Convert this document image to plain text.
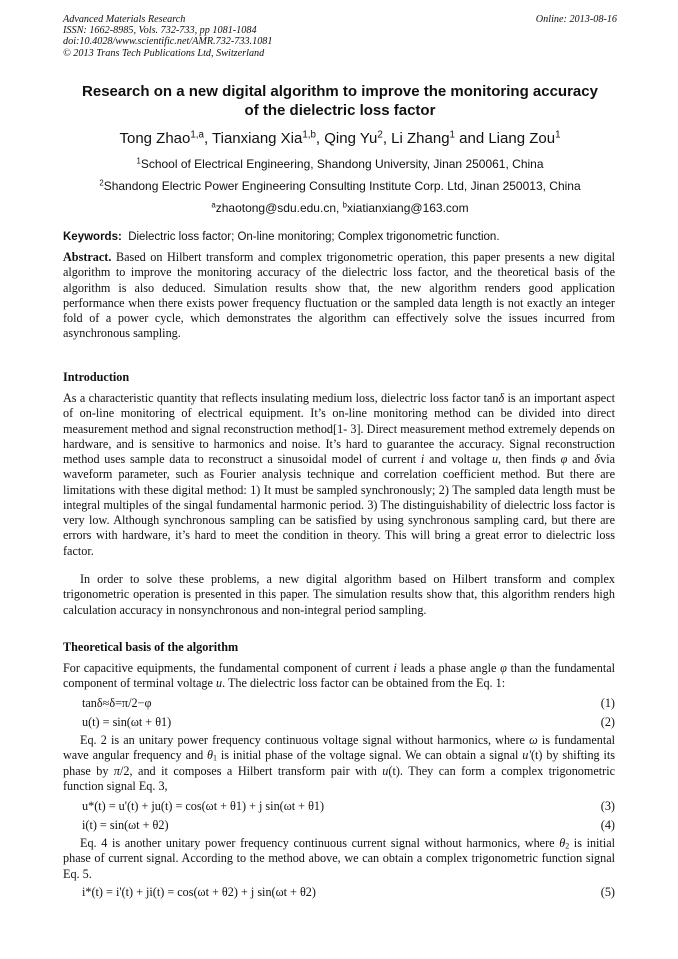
Advanced Materials Research
ISSN: 1662-8985, Vols. 732-733, pp 1081-1084
doi:10.4028/www.scientific.net/AMR.732-733.1081
© 2013 Trans Tech Publications Ltd, Switzerland
Online: 2013-08-16
Research on a new digital algorithm to improve the monitoring accuracy
of the dielectric loss factor
Tong Zhao$^{1,a}$, Tianxiang Xia$^{1,b}$, Qing Yu$^2$, Li Zhang$^1$ and Liang Zou$^1$
$^1$School of Electrical Engineering, Shandong University, Jinan 250061, China
$^2$Shandong Electric Power Engineering Consulting Institute Corp. Ltd, Jinan 250013, China
$^a$zhaotong@sdu.edu.cn, $^b$xiatianxiang@163.com
Keywords: Dielectric loss factor; On-line monitoring; Complex trigonometric function.
Abstract. Based on Hilbert transform and complex trigonometric operation, this paper presents a new digital algorithm to improve the monitoring accuracy of the dielectric loss factor, and the theoretical basis of the algorithm is also deduced. Simulation results show that, the new algorithm renders good application performance when there exists power frequency fluctuation or the sampled data length is not exactly an integer fold of a power cycle, which demonstrates the algorithm can effectively solve the issues incurred from asynchronous sampling.
Introduction
As a characteristic quantity that reflects insulating medium loss, dielectric loss factor tanδ is an important aspect of on-line monitoring of electrical equipment. It’s on-line monitoring method can be divided into direct measurement method and signal reconstruction method[1- 3]. Direct measurement method extremely depends on hardware, and is sensitive to harmonics and noise. It’s hard to guarantee the accuracy. Signal reconstruction method uses sample data to reconstruct a sinusoidal model of current i and voltage u, then finds φ and δvia waveform parameter, such as Fourier analysis technique and correlation coefficient method. But there are limitations with these digital method: 1) It must be sampled synchronously; 2) The sampled data length must be integral multiples of the singal fundamental harmonic period. 3) The distinguishability of dielectric loss factor is very low. Although synchronous sampling can be satisfied by using synchronous sampling card, but there are errors with hardware, it’s hard to meet the condition in theory. This will bring a great error to dielectric loss factor.
In order to solve these problems, a new digital algorithm based on Hilbert transform and complex trigonometric operation is presented in this paper. The simulation results show that, this algorithm renders high calculation accuracy in nonsynchronous and non-integral period sampling.
Theoretical basis of the algorithm
For capacitive equipments, the fundamental component of current i leads a phase angle φ than the fundamental component of terminal voltage u. The dielectric loss factor can be obtained from the Eq. 1:
tanδ≈δ=π/2−φ	(1)
u(t) = sin(ωt + θ1)	(2)
Eq. 2 is an unitary power frequency continuous voltage signal without harmonics, where ω is fundamental wave angular frequency and $\theta_1$ is initial phase of the voltage signal. We can obtain a signal u'(t) by shifting its phase by π/2, and it composes a Hilbert transform pair with u(t). They can form a complex trigonometric function signal Eq. 3,
u*(t) = u'(t) + ju(t) = cos(ωt + θ1) + j sin(ωt + θ1)	(3)
i(t) = sin(ωt + θ2)	(4)
Eq. 4 is another unitary power frequency continuous current signal without harmonics, where $\theta_2$ is initial phase of current signal. According to the method above, we can obtain a complex trigonometric function signal Eq. 5.
i*(t) = i'(t) + ji(t) = cos(ωt + θ2) + j sin(ωt + θ2)	(5)
